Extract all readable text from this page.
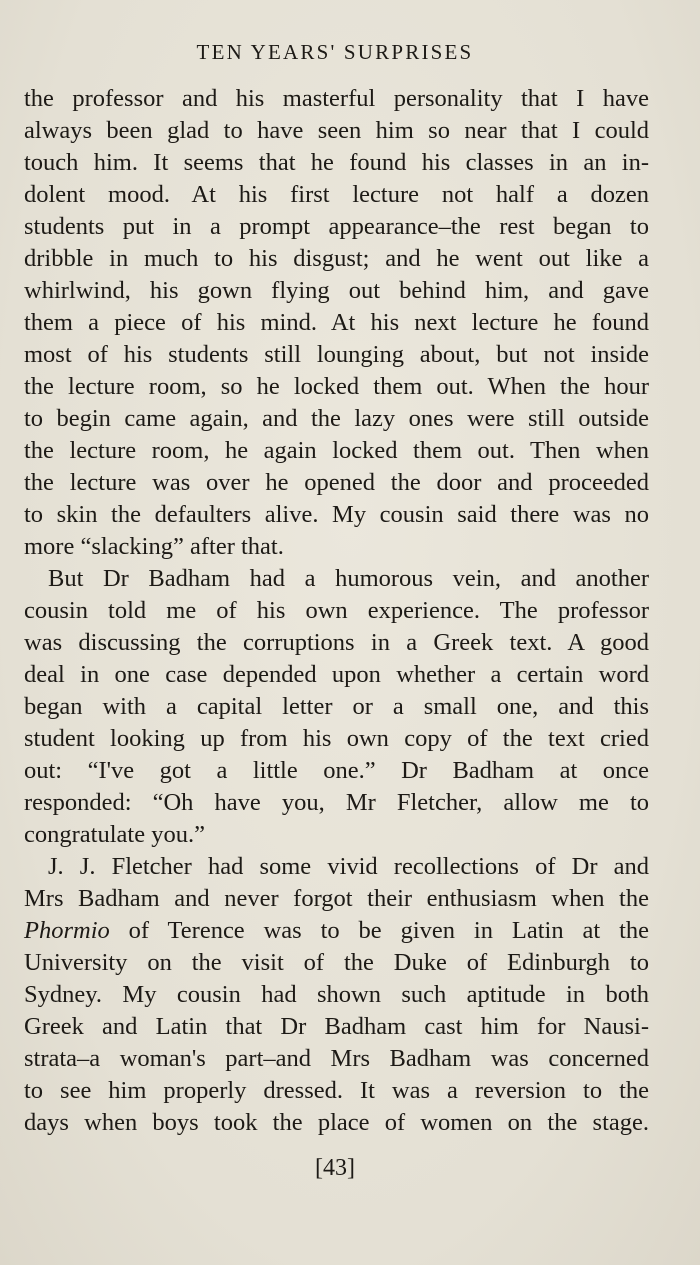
TEN YEARS' SURPRISES
the professor and his masterful personality that I have
always been glad to have seen him so near that I could
touch him. It seems that he found his classes in an in-
dolent mood. At his first lecture not half a dozen
students put in a prompt appearance–the rest began to
dribble in much to his disgust; and he went out like a
whirlwind, his gown flying out behind him, and gave
them a piece of his mind. At his next lecture he found
most of his students still lounging about, but not inside
the lecture room, so he locked them out. When the hour
to begin came again, and the lazy ones were still outside
the lecture room, he again locked them out. Then when
the lecture was over he opened the door and proceeded
to skin the defaulters alive. My cousin said there was no
more “slacking” after that.
But Dr Badham had a humorous vein, and another
cousin told me of his own experience. The professor
was discussing the corruptions in a Greek text. A good
deal in one case depended upon whether a certain word
began with a capital letter or a small one, and this
student looking up from his own copy of the text cried
out: “I've got a little one.” Dr Badham at once
responded: “Oh have you, Mr Fletcher, allow me to
congratulate you.”
J. J. Fletcher had some vivid recollections of Dr and
Mrs Badham and never forgot their enthusiasm when the
Phormio of Terence was to be given in Latin at the
University on the visit of the Duke of Edinburgh to
Sydney. My cousin had shown such aptitude in both
Greek and Latin that Dr Badham cast him for Nausi-
strata–a woman's part–and Mrs Badham was concerned
to see him properly dressed. It was a reversion to the
days when boys took the place of women on the stage.
[43]
